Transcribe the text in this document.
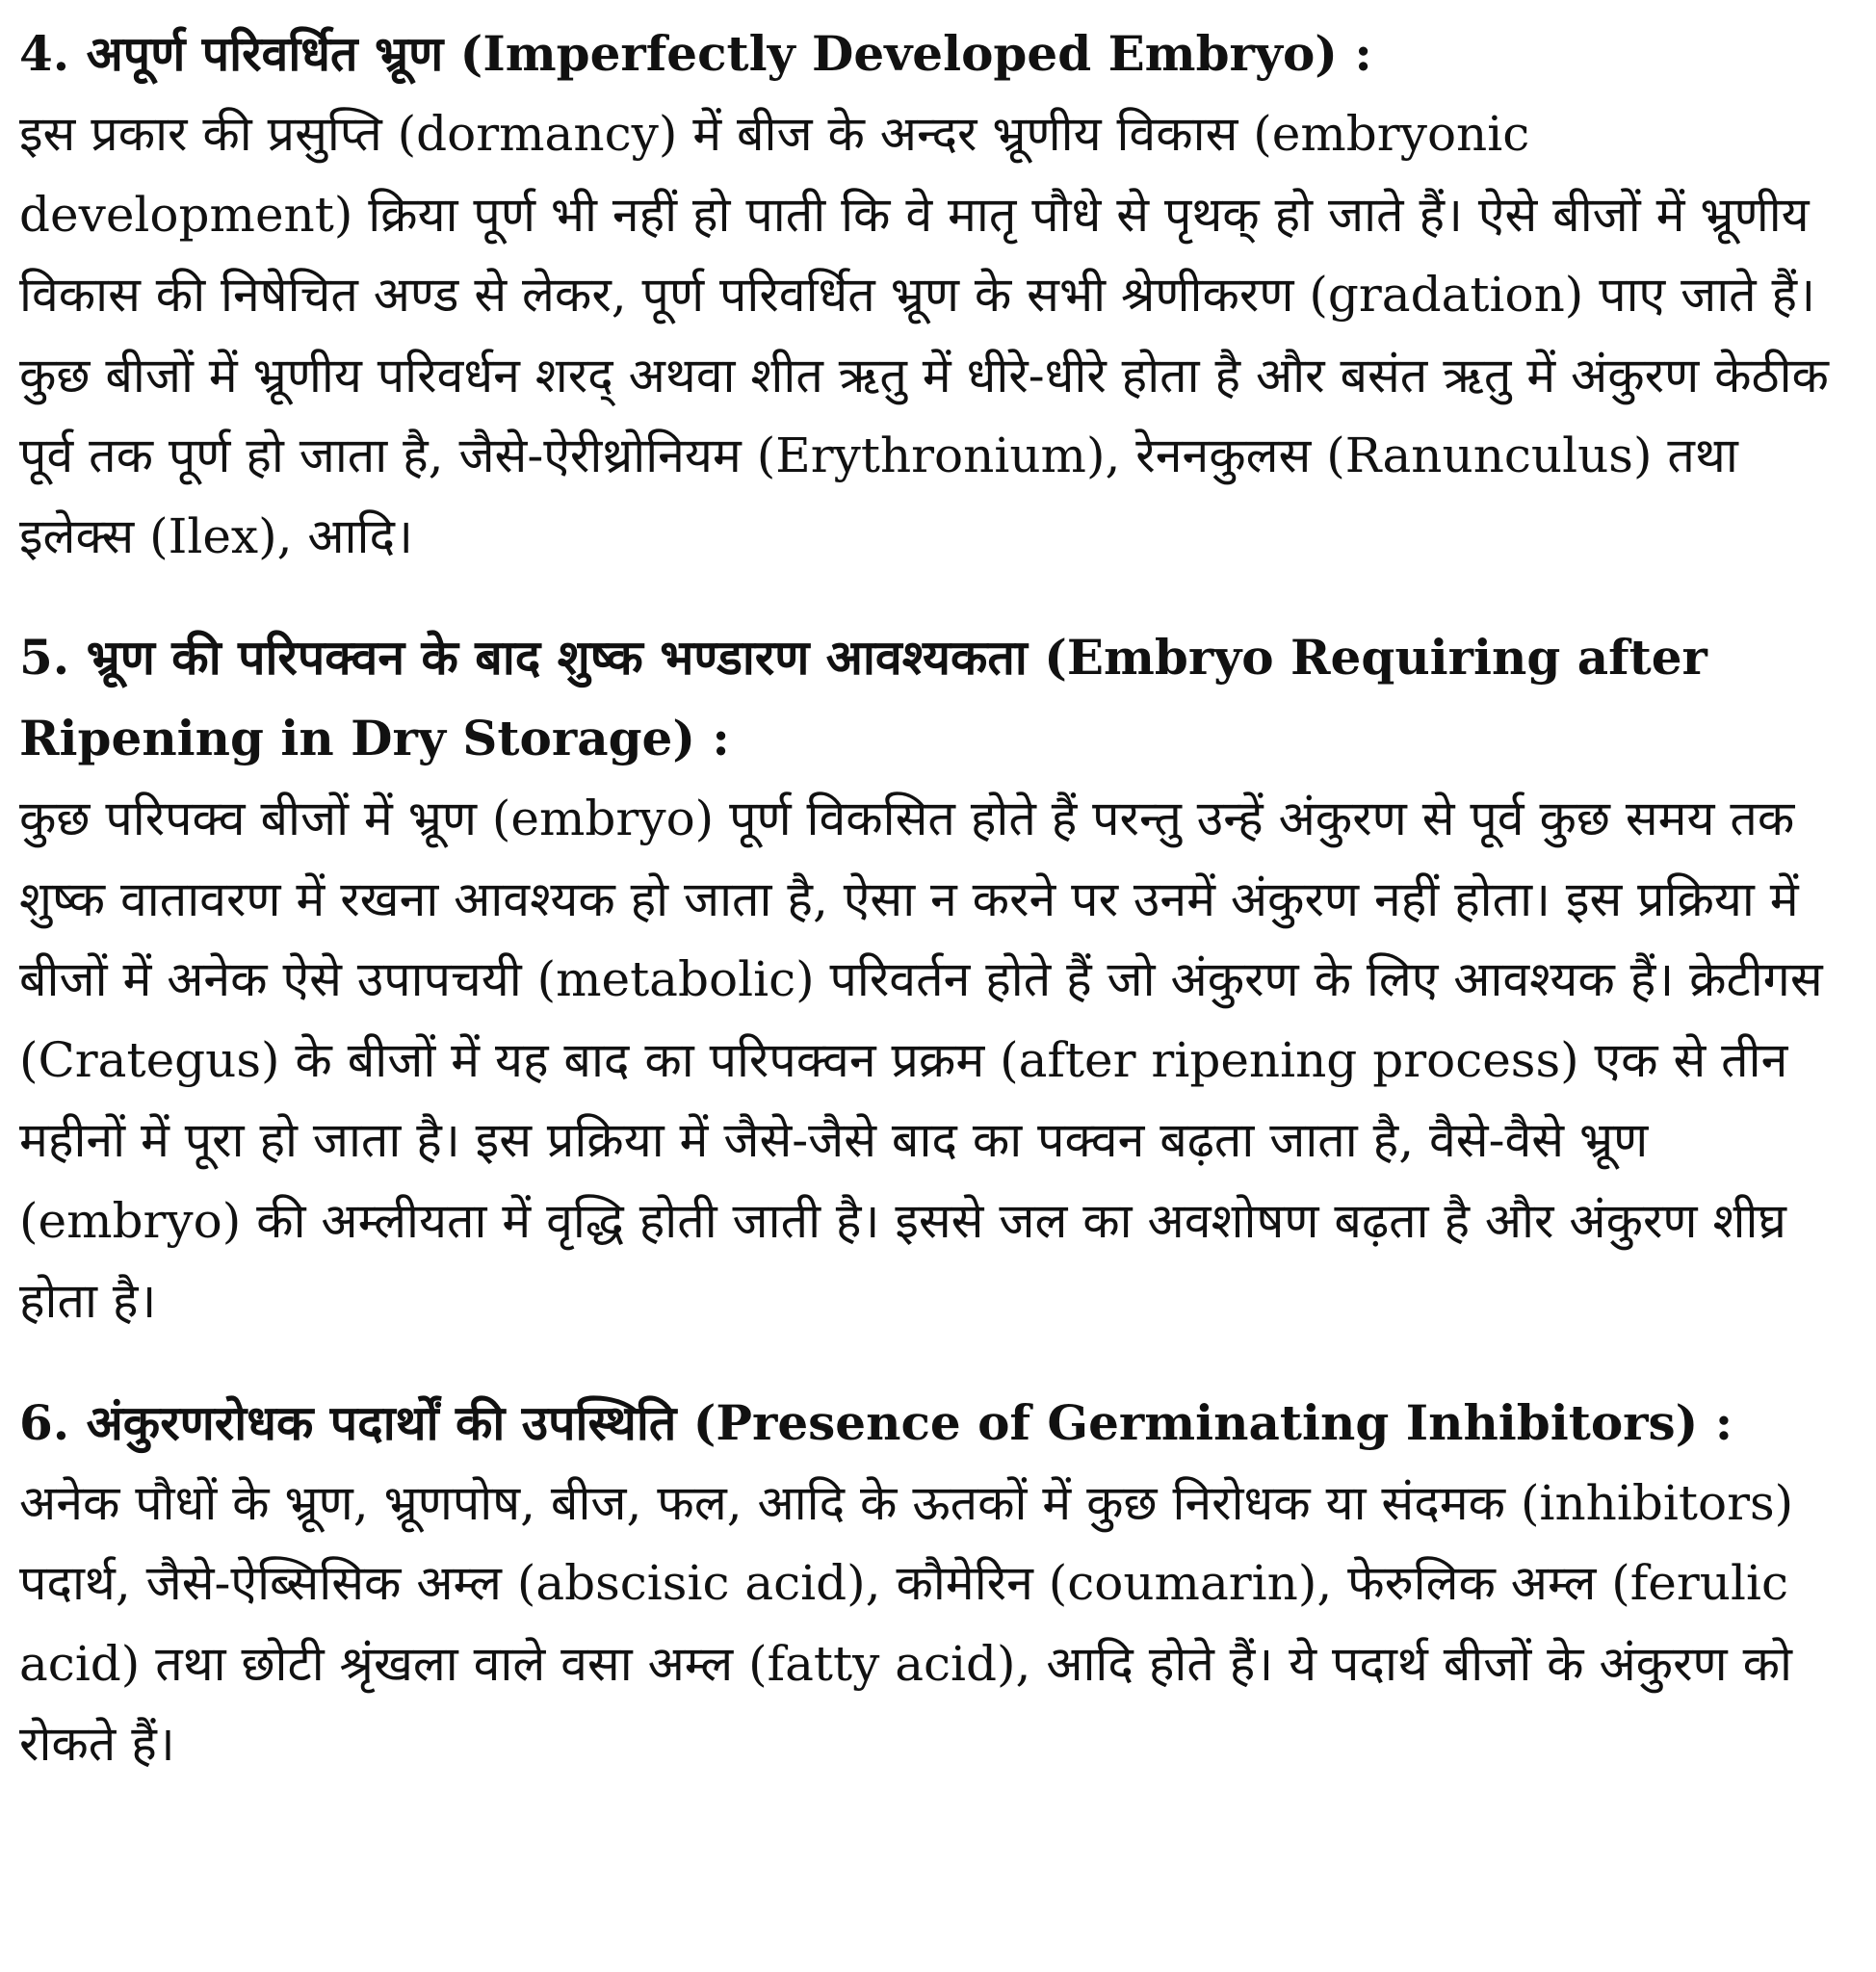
4. अपूर्ण परिवर्धित भ्रूण (Imperfectly Developed Embryo) :

इस प्रकार की प्रसुप्ति (dormancy) में बीज के अन्दर भ्रूणीय विकास (embryonic development) क्रिया पूर्ण भी नहीं हो पाती कि वे मातृ पौधे से पृथक् हो जाते हैं। ऐसे बीजों में भ्रूणीय विकास की निषेचित अण्ड से लेकर, पूर्ण परिवर्धित भ्रूण के सभी श्रेणीकरण (gradation) पाए जाते हैं। कुछ बीजों में भ्रूणीय परिवर्धन शरद् अथवा शीत ऋतु में धीरे-धीरे होता है और बसंत ऋतु में अंकुरण केठीक पूर्व तक पूर्ण हो जाता है, जैसे-ऐरीथ्रोनियम (Erythronium), रेननकुलस (Ranunculus) तथा इलेक्स (Ilex), आदि।

5. भ्रूण की परिपक्वन के बाद शुष्क भण्डारण आवश्यकता (Embryo Requiring after Ripening in Dry Storage) :

कुछ परिपक्व बीजों में भ्रूण (embryo) पूर्ण विकसित होते हैं परन्तु उन्हें अंकुरण से पूर्व कुछ समय तक शुष्क वातावरण में रखना आवश्यक हो जाता है, ऐसा न करने पर उनमें अंकुरण नहीं होता। इस प्रक्रिया में बीजों में अनेक ऐसे उपापचयी (metabolic) परिवर्तन होते हैं जो अंकुरण के लिए आवश्यक हैं। क्रेटीगस (Crategus) के बीजों में यह बाद का परिपक्वन प्रक्रम (after ripening process) एक से तीन महीनों में पूरा हो जाता है। इस प्रक्रिया में जैसे-जैसे बाद का पक्वन बढ़ता जाता है, वैसे-वैसे भ्रूण (embryo) की अम्लीयता में वृद्धि होती जाती है। इससे जल का अवशोषण बढ़ता है और अंकुरण शीघ्र होता है।

6. अंकुरणरोधक पदार्थों की उपस्थिति (Presence of Germinating Inhibitors) :

अनेक पौधों के भ्रूण, भ्रूणपोष, बीज, फल, आदि के ऊतकों में कुछ निरोधक या संदमक (inhibitors) पदार्थ, जैसे-ऐब्सिसिक अम्ल (abscisic acid), कौमेरिन (coumarin), फेरुलिक अम्ल (ferulic acid) तथा छोटी श्रृंखला वाले वसा अम्ल (fatty acid), आदि होते हैं। ये पदार्थ बीजों के अंकुरण को रोकते हैं।
